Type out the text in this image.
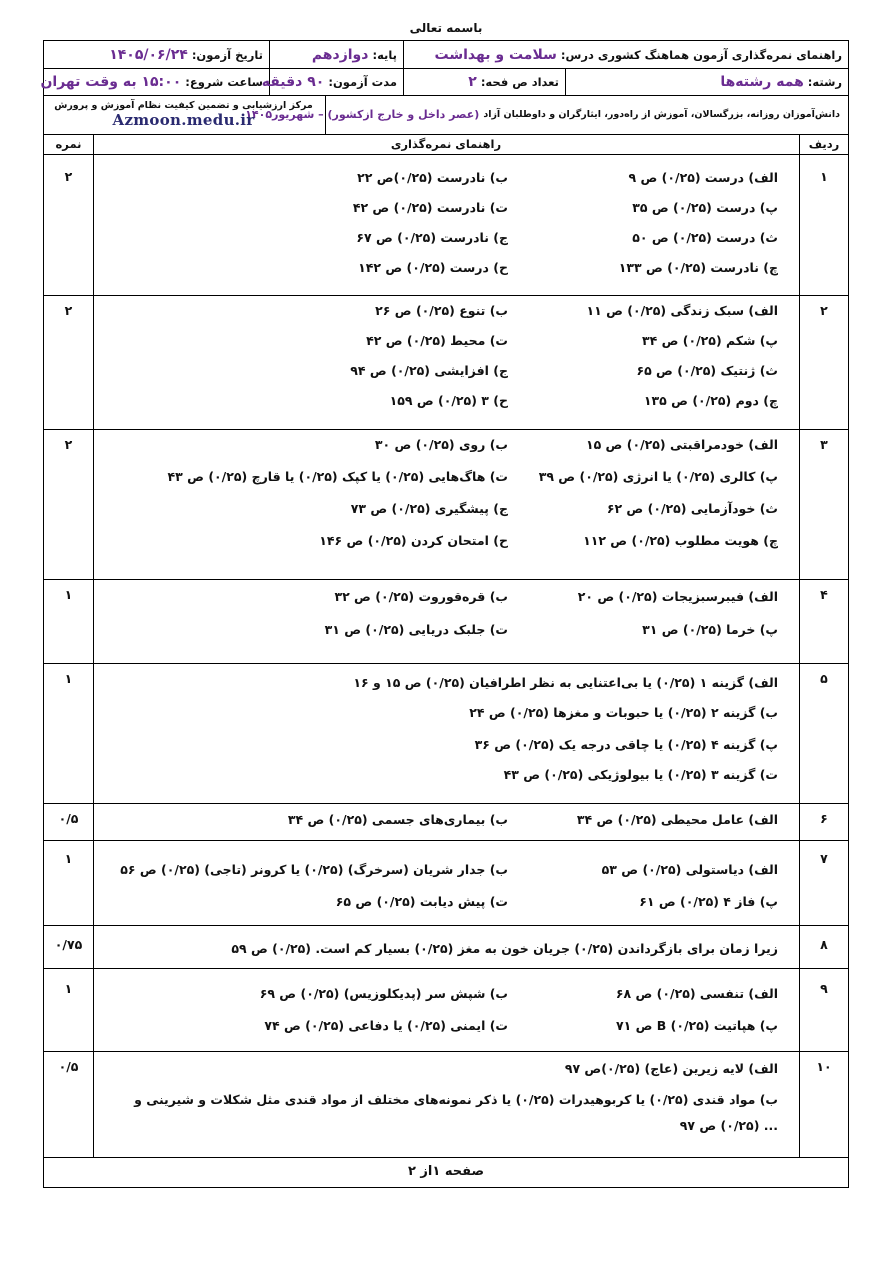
باسمه تعالی
راهنمای نمره‌گذاری آزمون هماهنگ کشوری درس:

سلامت و بهداشت
پایه:

دوازدهم
تاریخ آزمون:

۱۴۰۵/۰۶/۲۴
رشته:

همه رشته‌ها
تعداد ص فحه:

۲
مدت آزمون:

۹۰ دقیقه
ساعت شروع:

۱۵:۰۰ به وقت تهران
دانش‌آموزان روزانه، بزرگسالان، آموزش از راه‌دور، ایثارگران و داوطلبان آزاد

(عصر داخل و خارج ازکشور) – شهریور۱۴۰۵
مرکز ارزشیابی و تضمین کیفیت نظام آموزش و پرورش
Azmoon.medu.ir
ردیف
راهنمای نمره‌گذاری
نمره
۱
۲	الف) درست (۰/۲۵) ص ۹
پ) درست (۰/۲۵) ص ۳۵
ث) درست (۰/۲۵) ص ۵۰
چ) نادرست (۰/۲۵) ص ۱۳۳
ب) نادرست (۰/۲۵)ص ۲۲
ت) نادرست (۰/۲۵) ص ۴۲
ج) نادرست (۰/۲۵) ص ۶۷
ح) درست (۰/۲۵) ص ۱۴۲
۲
۲	الف) سبک زندگی (۰/۲۵) ص ۱۱
پ) شکم (۰/۲۵) ص ۳۴
ث) ژنتیک (۰/۲۵) ص ۶۵
چ) دوم (۰/۲۵) ص ۱۳۵
ب) تنوع (۰/۲۵) ص ۲۶
ت) محیط (۰/۲۵) ص ۴۲
ج) افزایشی (۰/۲۵) ص ۹۴
ح) ۳ (۰/۲۵) ص ۱۵۹
۳
۲	الف) خودمراقبتی (۰/۲۵) ص ۱۵
پ) کالری (۰/۲۵) یا انرژی (۰/۲۵) ص ۳۹
ث) خودآزمایی (۰/۲۵) ص ۶۲
چ) هویت مطلوب (۰/۲۵) ص ۱۱۲
ب) روی (۰/۲۵) ص ۳۰
ت) هاگ‌هایی (۰/۲۵) یا کپک (۰/۲۵) یا قارچ (۰/۲۵) ص ۴۳
ج) پیشگیری (۰/۲۵) ص ۷۳
ح) امتحان کردن (۰/۲۵) ص ۱۴۶
۴
۱	الف) فیبرسبزیجات (۰/۲۵) ص ۲۰
پ) خرما (۰/۲۵) ص ۳۱
ب) قره‌قوروت (۰/۲۵) ص ۳۲
ت) جلبک دریایی (۰/۲۵) ص ۳۱
۵
۱	الف) گزینه ۱ (۰/۲۵) یا بی‌اعتنایی به نظر اطرافیان (۰/۲۵) ص ۱۵ و ۱۶
ب) گزینه ۲ (۰/۲۵) یا حبوبات و مغزها (۰/۲۵) ص ۲۴
پ) گزینه ۴ (۰/۲۵) یا چاقی درجه یک (۰/۲۵) ص ۳۶
ت) گزینه ۳ (۰/۲۵) یا بیولوژیکی (۰/۲۵) ص ۴۳
۶
۰/۵	الف) عامل محیطی (۰/۲۵) ص ۳۴
ب) بیماری‌های جسمی (۰/۲۵) ص ۳۴
۷
۱
الف) دیاستولی (۰/۲۵) ص ۵۳
پ) فاز ۴ (۰/۲۵) ص ۶۱
ب) جدار شریان (سرخرگ) (۰/۲۵) یا کرونر (تاجی) (۰/۲۵) ص ۵۶
ت) پیش دیابت (۰/۲۵) ص ۶۵
۸
۰/۷۵	زیرا زمان برای بازگرداندن (۰/۲۵) جریان خون به مغز (۰/۲۵) بسیار کم است. (۰/۲۵) ص ۵۹
۹
۱	الف) تنفسی (۰/۲۵) ص ۶۸
پ) هپاتیت B (۰/۲۵) ص ۷۱
ب) شپش سر (پدیکلوزیس) (۰/۲۵) ص ۶۹
ت) ایمنی (۰/۲۵) یا دفاعی (۰/۲۵) ص ۷۴
۱۰
۰/۵	الف) لایه زیرین (عاج) (۰/۲۵)ص ۹۷
ب) مواد قندی (۰/۲۵) یا کربوهیدرات (۰/۲۵) یا ذکر نمونه‌های مختلف از مواد قندی مثل شکلات و شیرینی و ... (۰/۲۵) ص ۹۷
صفحه ۱از ۲
